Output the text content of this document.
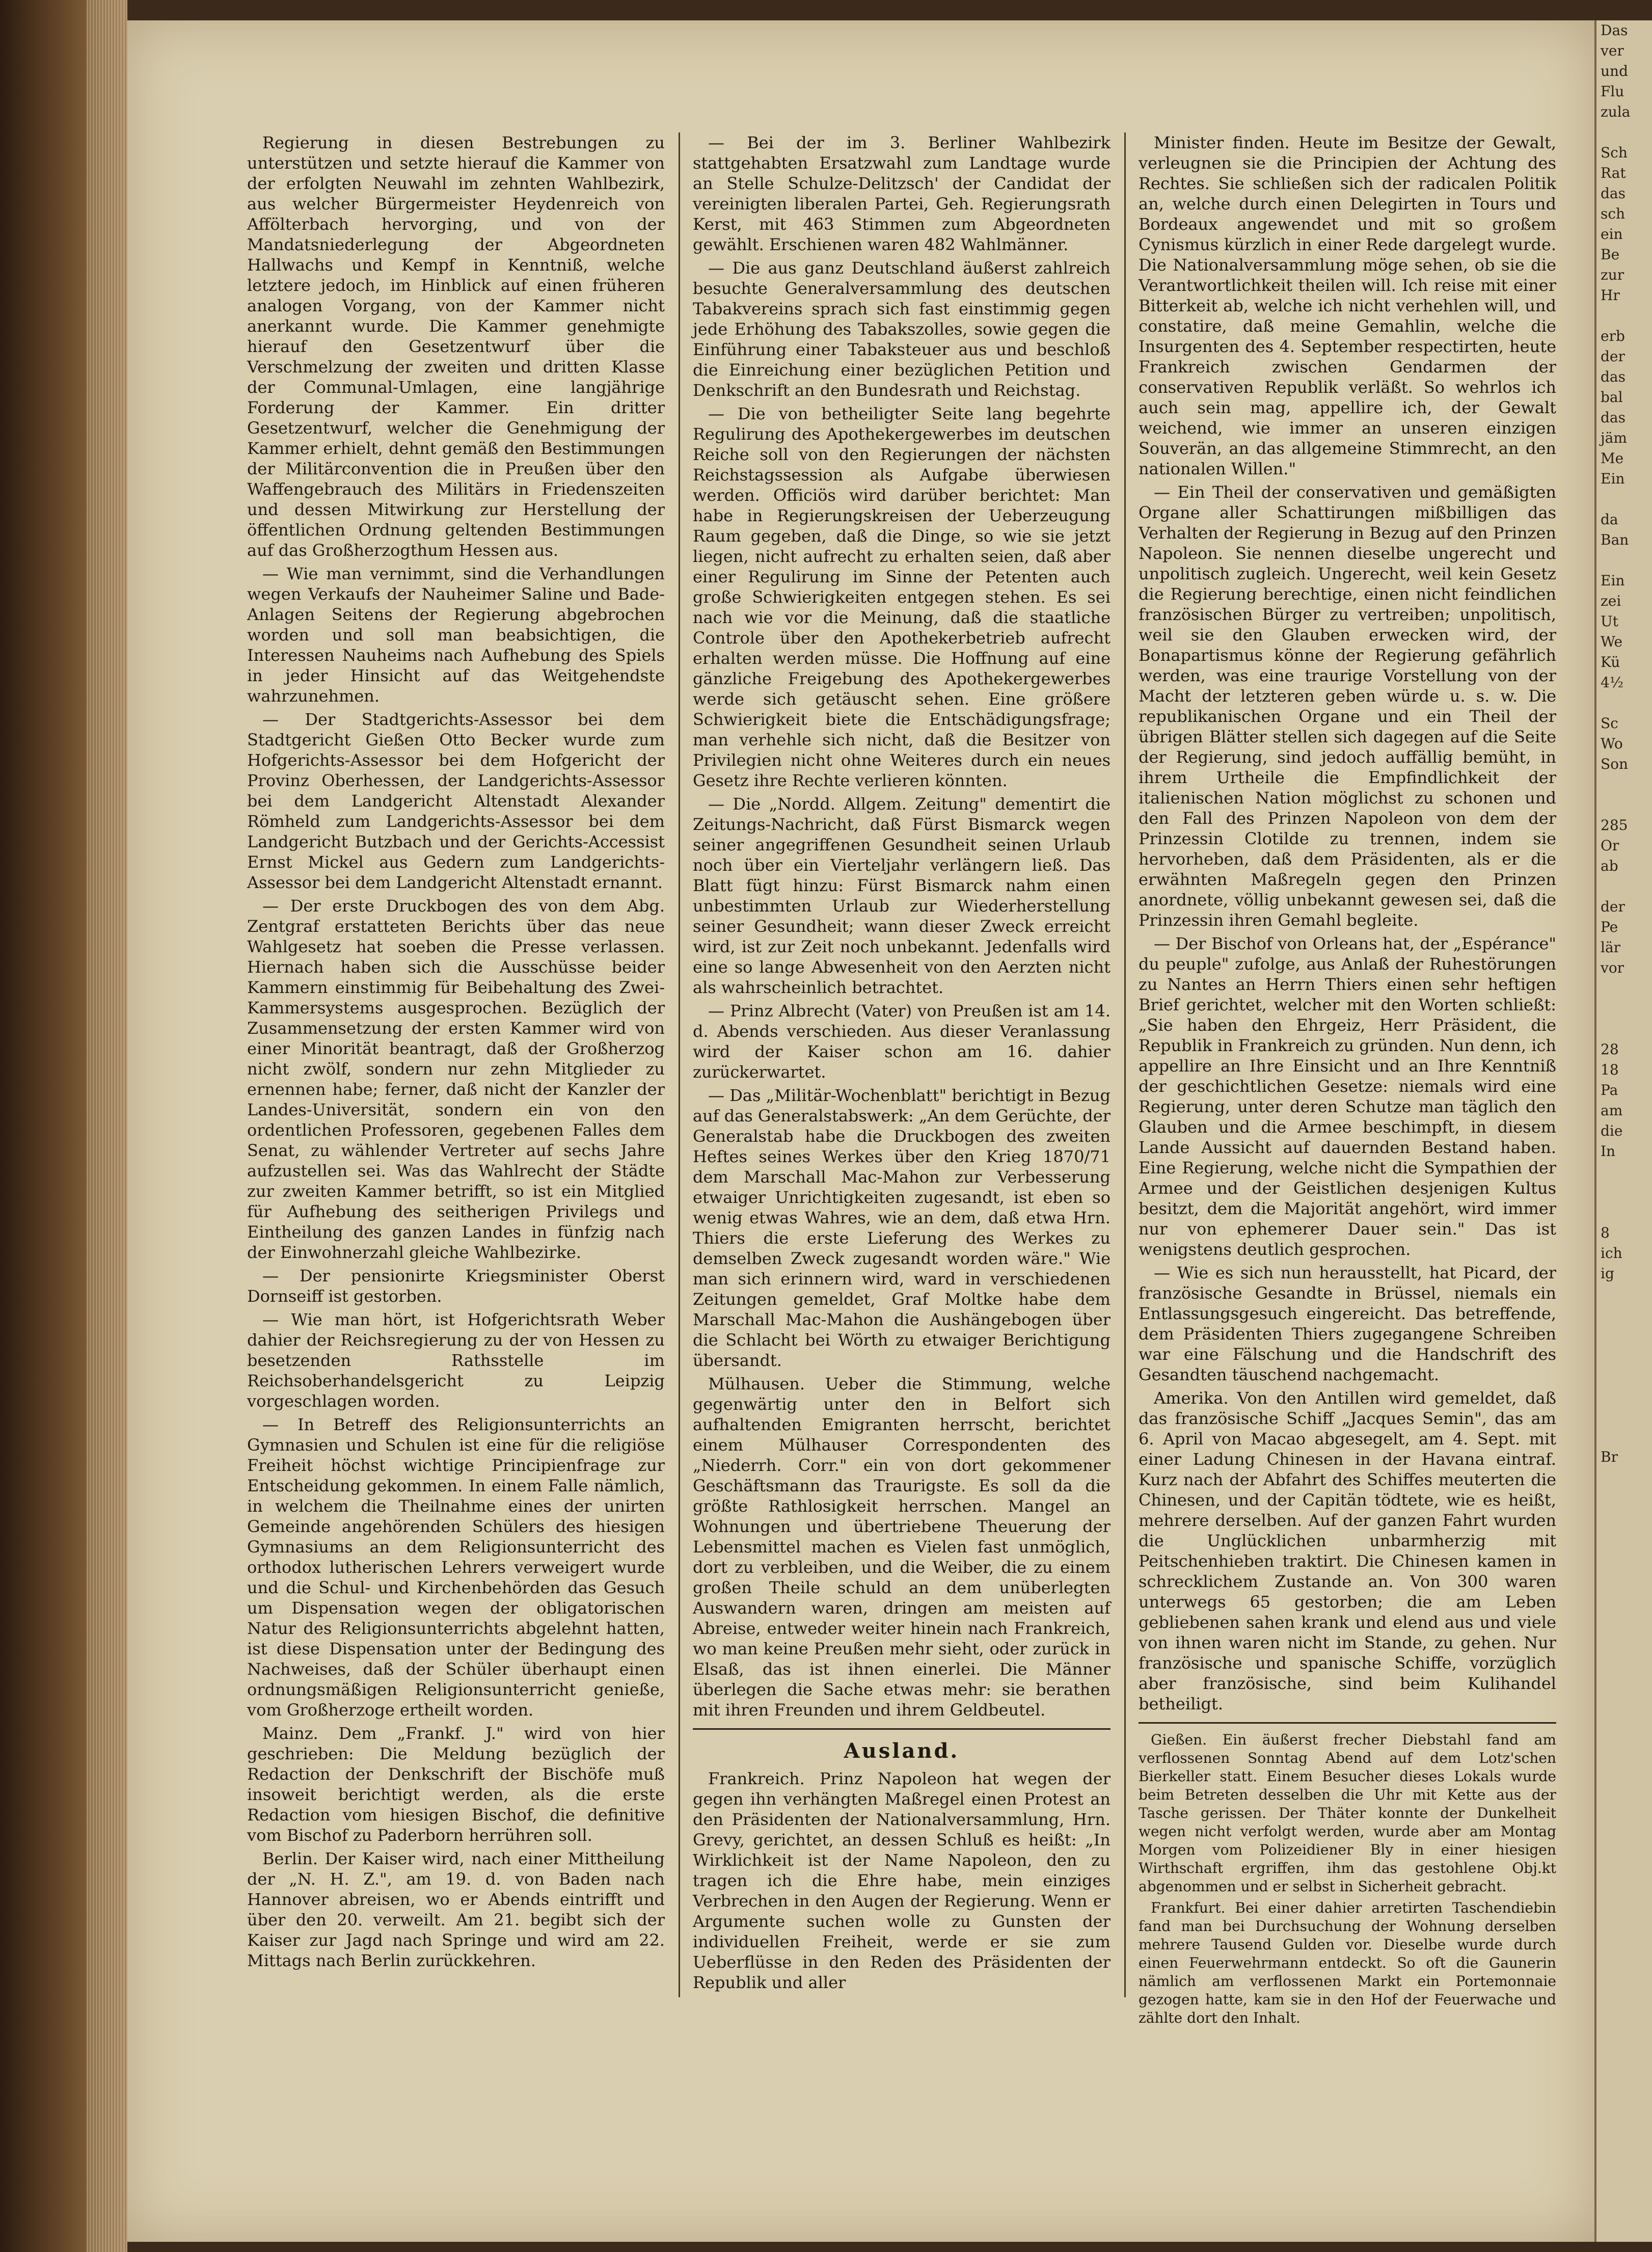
Regierung in diesen Bestrebungen zu unterstützen und setzte hierauf die Kammer von der erfolgten Neuwahl im zehnten Wahlbezirk, aus welcher Bürgermeister Heydenreich von Affölterbach hervorging, und von der Mandatsniederlegung der Abgeordneten Hallwachs und Kempf in Kenntniß, welche letztere jedoch, im Hinblick auf einen früheren analogen Vorgang, von der Kammer nicht anerkannt wurde. Die Kammer genehmigte hierauf den Gesetzentwurf über die Verschmelzung der zweiten und dritten Klasse der Communal-Umlagen, eine langjährige Forderung der Kammer. Ein dritter Gesetzentwurf, welcher die Genehmigung der Kammer erhielt, dehnt gemäß den Bestimmungen der Militärconvention die in Preußen über den Waffengebrauch des Militärs in Friedenszeiten und dessen Mitwirkung zur Herstellung der öffentlichen Ordnung geltenden Bestimmungen auf das Großherzogthum Hessen aus.

— Wie man vernimmt, sind die Verhandlungen wegen Verkaufs der Nauheimer Saline und Bade-Anlagen Seitens der Regierung abgebrochen worden und soll man beabsichtigen, die Interessen Nauheims nach Aufhebung des Spiels in jeder Hinsicht auf das Weitgehendste wahrzunehmen.

— Der Stadtgerichts-Assessor bei dem Stadtgericht Gießen Otto Becker wurde zum Hofgerichts-Assessor bei dem Hofgericht der Provinz Oberhessen, der Landgerichts-Assessor bei dem Landgericht Altenstadt Alexander Römheld zum Landgerichts-Assessor bei dem Landgericht Butzbach und der Gerichts-Accessist Ernst Mickel aus Gedern zum Landgerichts-Assessor bei dem Landgericht Altenstadt ernannt.

— Der erste Druckbogen des von dem Abg. Zentgraf erstatteten Berichts über das neue Wahlgesetz hat soeben die Presse verlassen. Hiernach haben sich die Ausschüsse beider Kammern einstimmig für Beibehaltung des Zwei-Kammersystems ausgesprochen. Bezüglich der Zusammensetzung der ersten Kammer wird von einer Minorität beantragt, daß der Großherzog nicht zwölf, sondern nur zehn Mitglieder zu ernennen habe; ferner, daß nicht der Kanzler der Landes-Universität, sondern ein von den ordentlichen Professoren, gegebenen Falles dem Senat, zu wählender Vertreter auf sechs Jahre aufzustellen sei. Was das Wahlrecht der Städte zur zweiten Kammer betrifft, so ist ein Mitglied für Aufhebung des seitherigen Privilegs und Eintheilung des ganzen Landes in fünfzig nach der Einwohnerzahl gleiche Wahlbezirke.

— Der pensionirte Kriegsminister Oberst Dornseiff ist gestorben.

— Wie man hört, ist Hofgerichtsrath Weber dahier der Reichsregierung zu der von Hessen zu besetzenden Rathsstelle im Reichsoberhandelsgericht zu Leipzig vorgeschlagen worden.

— In Betreff des Religionsunterrichts an Gymnasien und Schulen ist eine für die religiöse Freiheit höchst wichtige Principienfrage zur Entscheidung gekommen. In einem Falle nämlich, in welchem die Theilnahme eines der unirten Gemeinde angehörenden Schülers des hiesigen Gymnasiums an dem Religionsunterricht des orthodox lutherischen Lehrers verweigert wurde und die Schul- und Kirchenbehörden das Gesuch um Dispensation wegen der obligatorischen Natur des Religionsunterrichts abgelehnt hatten, ist diese Dispensation unter der Bedingung des Nachweises, daß der Schüler überhaupt einen ordnungsmäßigen Religionsunterricht genieße, vom Großherzoge ertheilt worden.

Mainz. Dem „Frankf. J." wird von hier geschrieben: Die Meldung bezüglich der Redaction der Denkschrift der Bischöfe muß insoweit berichtigt werden, als die erste Redaction vom hiesigen Bischof, die definitive vom Bischof zu Paderborn herrühren soll.

Berlin. Der Kaiser wird, nach einer Mittheilung der „N. H. Z.", am 19. d. von Baden nach Hannover abreisen, wo er Abends eintrifft und über den 20. verweilt. Am 21. begibt sich der Kaiser zur Jagd nach Springe und wird am 22. Mittags nach Berlin zurückkehren.

— Bei der im 3. Berliner Wahlbezirk stattgehabten Ersatzwahl zum Landtage wurde an Stelle Schulze-Delitzsch' der Candidat der vereinigten liberalen Partei, Geh. Regierungsrath Kerst, mit 463 Stimmen zum Abgeordneten gewählt. Erschienen waren 482 Wahlmänner.

— Die aus ganz Deutschland äußerst zahlreich besuchte Generalversammlung des deutschen Tabakvereins sprach sich fast einstimmig gegen jede Erhöhung des Tabakszolles, sowie gegen die Einführung einer Tabaksteuer aus und beschloß die Einreichung einer bezüglichen Petition und Denkschrift an den Bundesrath und Reichstag.

— Die von betheiligter Seite lang begehrte Regulirung des Apothekergewerbes im deutschen Reiche soll von den Regierungen der nächsten Reichstagssession als Aufgabe überwiesen werden. Officiös wird darüber berichtet: Man habe in Regierungskreisen der Ueberzeugung Raum gegeben, daß die Dinge, so wie sie jetzt liegen, nicht aufrecht zu erhalten seien, daß aber einer Regulirung im Sinne der Petenten auch große Schwierigkeiten entgegen stehen. Es sei nach wie vor die Meinung, daß die staatliche Controle über den Apothekerbetrieb aufrecht erhalten werden müsse. Die Hoffnung auf eine gänzliche Freigebung des Apothekergewerbes werde sich getäuscht sehen. Eine größere Schwierigkeit biete die Entschädigungsfrage; man verhehle sich nicht, daß die Besitzer von Privilegien nicht ohne Weiteres durch ein neues Gesetz ihre Rechte verlieren könnten.

— Die „Nordd. Allgem. Zeitung" dementirt die Zeitungs-Nachricht, daß Fürst Bismarck wegen seiner angegriffenen Gesundheit seinen Urlaub noch über ein Vierteljahr verlängern ließ. Das Blatt fügt hinzu: Fürst Bismarck nahm einen unbestimmten Urlaub zur Wiederherstellung seiner Gesundheit; wann dieser Zweck erreicht wird, ist zur Zeit noch unbekannt. Jedenfalls wird eine so lange Abwesenheit von den Aerzten nicht als wahrscheinlich betrachtet.

— Prinz Albrecht (Vater) von Preußen ist am 14. d. Abends verschieden. Aus dieser Veranlassung wird der Kaiser schon am 16. dahier zurückerwartet.

— Das „Militär-Wochenblatt" berichtigt in Bezug auf das Generalstabswerk: „An dem Gerüchte, der Generalstab habe die Druckbogen des zweiten Heftes seines Werkes über den Krieg 1870/71 dem Marschall Mac-Mahon zur Verbesserung etwaiger Unrichtigkeiten zugesandt, ist eben so wenig etwas Wahres, wie an dem, daß etwa Hrn. Thiers die erste Lieferung des Werkes zu demselben Zweck zugesandt worden wäre." Wie man sich erinnern wird, ward in verschiedenen Zeitungen gemeldet, Graf Moltke habe dem Marschall Mac-Mahon die Aushängebogen über die Schlacht bei Wörth zu etwaiger Berichtigung übersandt.

Mülhausen. Ueber die Stimmung, welche gegenwärtig unter den in Belfort sich aufhaltenden Emigranten herrscht, berichtet einem Mülhauser Correspondenten des „Niederrh. Corr." ein von dort gekommener Geschäftsmann das Traurigste. Es soll da die größte Rathlosigkeit herrschen. Mangel an Wohnungen und übertriebene Theuerung der Lebensmittel machen es Vielen fast unmöglich, dort zu verbleiben, und die Weiber, die zu einem großen Theile schuld an dem unüberlegten Auswandern waren, dringen am meisten auf Abreise, entweder weiter hinein nach Frankreich, wo man keine Preußen mehr sieht, oder zurück in Elsaß, das ist ihnen einerlei. Die Männer überlegen die Sache etwas mehr: sie berathen mit ihren Freunden und ihrem Geldbeutel.

Ausland.

Frankreich. Prinz Napoleon hat wegen der gegen ihn verhängten Maßregel einen Protest an den Präsidenten der Nationalversammlung, Hrn. Grevy, gerichtet, an dessen Schluß es heißt: „In Wirklichkeit ist der Name Napoleon, den zu tragen ich die Ehre habe, mein einziges Verbrechen in den Augen der Regierung. Wenn er Argumente suchen wolle zu Gunsten der individuellen Freiheit, werde er sie zum Ueberflüsse in den Reden des Präsidenten der Republik und aller

Minister finden. Heute im Besitze der Gewalt, verleugnen sie die Principien der Achtung des Rechtes. Sie schließen sich der radicalen Politik an, welche durch einen Delegirten in Tours und Bordeaux angewendet und mit so großem Cynismus kürzlich in einer Rede dargelegt wurde. Die Nationalversammlung möge sehen, ob sie die Verantwortlichkeit theilen will. Ich reise mit einer Bitterkeit ab, welche ich nicht verhehlen will, und constatire, daß meine Gemahlin, welche die Insurgenten des 4. September respectirten, heute Frankreich zwischen Gendarmen der conservativen Republik verläßt. So wehrlos ich auch sein mag, appellire ich, der Gewalt weichend, wie immer an unseren einzigen Souverän, an das allgemeine Stimmrecht, an den nationalen Willen."

— Ein Theil der conservativen und gemäßigten Organe aller Schattirungen mißbilligen das Verhalten der Regierung in Bezug auf den Prinzen Napoleon. Sie nennen dieselbe ungerecht und unpolitisch zugleich. Ungerecht, weil kein Gesetz die Regierung berechtige, einen nicht feindlichen französischen Bürger zu vertreiben; unpolitisch, weil sie den Glauben erwecken wird, der Bonapartismus könne der Regierung gefährlich werden, was eine traurige Vorstellung von der Macht der letzteren geben würde u. s. w. Die republikanischen Organe und ein Theil der übrigen Blätter stellen sich dagegen auf die Seite der Regierung, sind jedoch auffällig bemüht, in ihrem Urtheile die Empfindlichkeit der italienischen Nation möglichst zu schonen und den Fall des Prinzen Napoleon von dem der Prinzessin Clotilde zu trennen, indem sie hervorheben, daß dem Präsidenten, als er die erwähnten Maßregeln gegen den Prinzen anordnete, völlig unbekannt gewesen sei, daß die Prinzessin ihren Gemahl begleite.

— Der Bischof von Orleans hat, der „Espérance" du peuple" zufolge, aus Anlaß der Ruhestörungen zu Nantes an Herrn Thiers einen sehr heftigen Brief gerichtet, welcher mit den Worten schließt: „Sie haben den Ehrgeiz, Herr Präsident, die Republik in Frankreich zu gründen. Nun denn, ich appellire an Ihre Einsicht und an Ihre Kenntniß der geschichtlichen Gesetze: niemals wird eine Regierung, unter deren Schutze man täglich den Glauben und die Armee beschimpft, in diesem Lande Aussicht auf dauernden Bestand haben. Eine Regierung, welche nicht die Sympathien der Armee und der Geistlichen desjenigen Kultus besitzt, dem die Majorität angehört, wird immer nur von ephemerer Dauer sein." Das ist wenigstens deutlich gesprochen.

— Wie es sich nun herausstellt, hat Picard, der französische Gesandte in Brüssel, niemals ein Entlassungsgesuch eingereicht. Das betreffende, dem Präsidenten Thiers zugegangene Schreiben war eine Fälschung und die Handschrift des Gesandten täuschend nachgemacht.

Amerika. Von den Antillen wird gemeldet, daß das französische Schiff „Jacques Semin", das am 6. April von Macao abgesegelt, am 4. Sept. mit einer Ladung Chinesen in der Havana eintraf. Kurz nach der Abfahrt des Schiffes meuterten die Chinesen, und der Capitän tödtete, wie es heißt, mehrere derselben. Auf der ganzen Fahrt wurden die Unglücklichen unbarmherzig mit Peitschenhieben traktirt. Die Chinesen kamen in schrecklichem Zustande an. Von 300 waren unterwegs 65 gestorben; die am Leben gebliebenen sahen krank und elend aus und viele von ihnen waren nicht im Stande, zu gehen. Nur französische und spanische Schiffe, vorzüglich aber französische, sind beim Kulihandel betheiligt.

Gießen. Ein äußerst frecher Diebstahl fand am verflossenen Sonntag Abend auf dem Lotz'schen Bierkeller statt. Einem Besucher dieses Lokals wurde beim Betreten desselben die Uhr mit Kette aus der Tasche gerissen. Der Thäter konnte der Dunkelheit wegen nicht verfolgt werden, wurde aber am Montag Morgen vom Polizeidiener Bly in einer hiesigen Wirthschaft ergriffen, ihm das gestohlene Obj.kt abgenommen und er selbst in Sicherheit gebracht.

Frankfurt. Bei einer dahier arretirten Taschendiebin fand man bei Durchsuchung der Wohnung derselben mehrere Tausend Gulden vor. Dieselbe wurde durch einen Feuerwehrmann entdeckt. So oft die Gaunerin nämlich am verflossenen Markt ein Portemonnaie gezogen hatte, kam sie in den Hof der Feuerwache und zählte dort den Inhalt.

Das
ver
und
Flu
zula

Sch
Rat
das
sch
ein
Be
zur
Hr

erb
der
das
bal
das
jäm
Me
Ein

da
Ban

Ein
zei
Ut
We
Kü
4½

Sc
Wo
Son

285
Or
ab

der
Pe
lär
vor

28
18
Pa
am
die
In

8
ich
ig

Br
